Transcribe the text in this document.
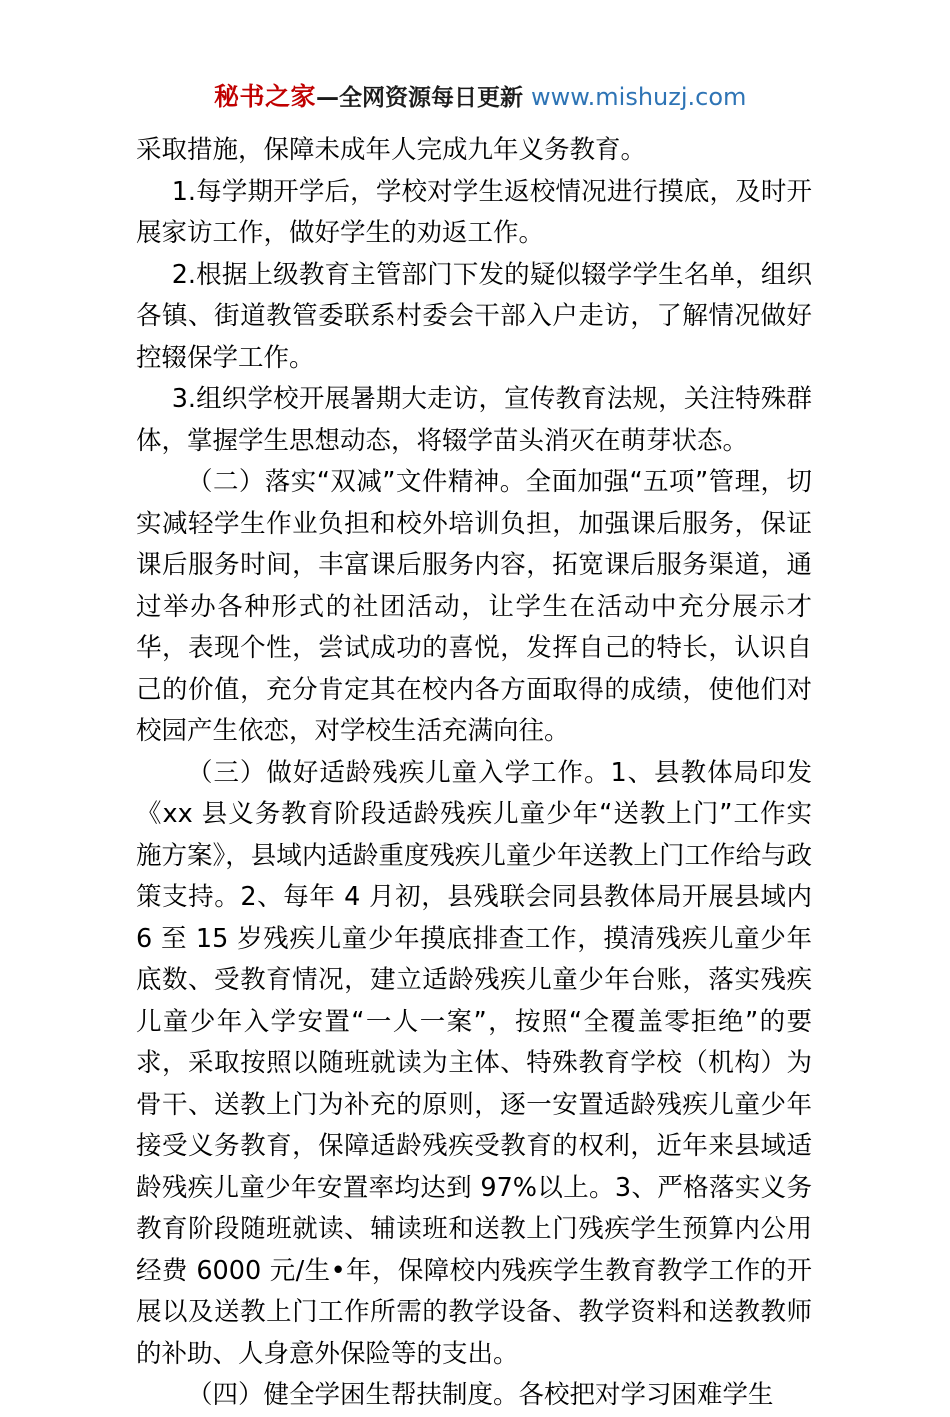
秘书之家—全网资源每日更新 www.mishuzj.com

采取措施，保障未成年人完成九年义务教育。

1.每学期开学后，学校对学生返校情况进行摸底，及时开展家访工作，做好学生的劝返工作。

2.根据上级教育主管部门下发的疑似辍学学生名单，组织各镇、街道教管委联系村委会干部入户走访，了解情况做好控辍保学工作。

3.组织学校开展暑期大走访，宣传教育法规，关注特殊群体，掌握学生思想动态，将辍学苗头消灭在萌芽状态。

（二）落实“双减”文件精神。全面加强“五项”管理，切实减轻学生作业负担和校外培训负担，加强课后服务，保证课后服务时间，丰富课后服务内容，拓宽课后服务渠道，通过举办各种形式的社团活动，让学生在活动中充分展示才华，表现个性，尝试成功的喜悦，发挥自己的特长，认识自己的价值，充分肯定其在校内各方面取得的成绩，使他们对校园产生依恋，对学校生活充满向往。

（三）做好适龄残疾儿童入学工作。1、县教体局印发《xx 县义务教育阶段适龄残疾儿童少年“送教上门”工作实施方案》，县域内适龄重度残疾儿童少年送教上门工作给与政策支持。2、每年 4 月初，县残联会同县教体局开展县域内 6 至 15 岁残疾儿童少年摸底排查工作，摸清残疾儿童少年底数、受教育情况，建立适龄残疾儿童少年台账，落实残疾儿童少年入学安置“一人一案”，按照“全覆盖零拒绝”的要求，采取按照以随班就读为主体、特殊教育学校（机构）为骨干、送教上门为补充的原则，逐一安置适龄残疾儿童少年接受义务教育，保障适龄残疾受教育的权利，近年来县域适龄残疾儿童少年安置率均达到 97%以上。3、严格落实义务教育阶段随班就读、辅读班和送教上门残疾学生预算内公用经费 6000 元/生•年，保障校内残疾学生教育教学工作的开展以及送教上门工作所需的教学设备、教学资料和送教教师的补助、人身意外保险等的支出。

（四）健全学困生帮扶制度。各校把对学习困难学生
